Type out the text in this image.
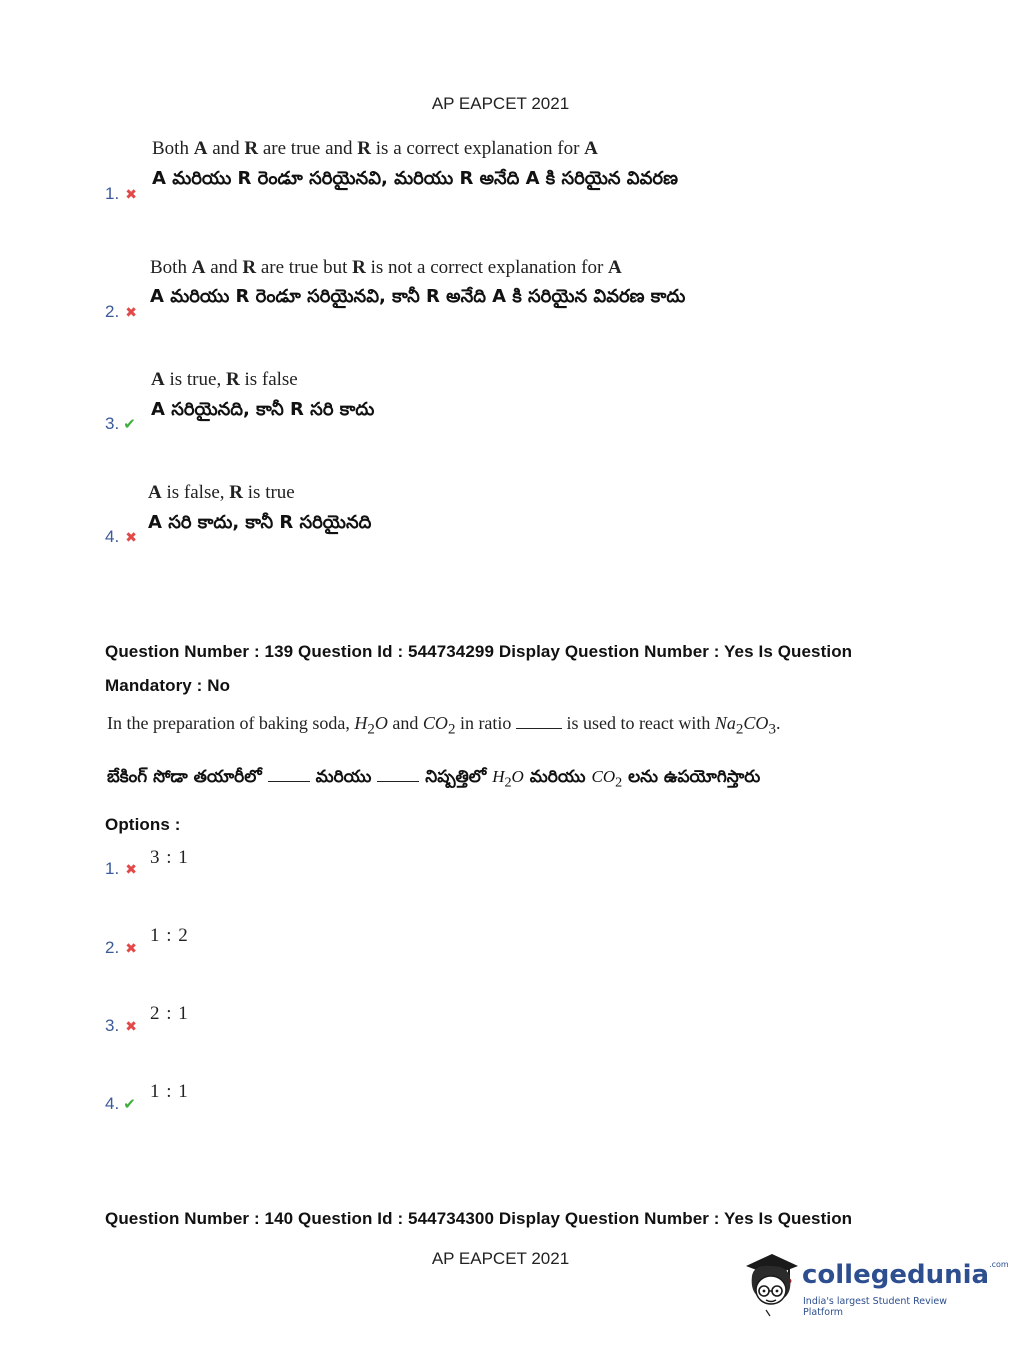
AP EAPCET 2021
1. ✖
Both A and R are true and R is a correct explanation for A
A మరియు R రెండూ సరియైనవి, మరియు R అనేది A కి సరియైన వివరణ
2. ✖
Both A and R are true but R is not a correct explanation for A
A మరియు R రెండూ సరియైనవి, కానీ R అనేది A కి సరియైన వివరణ కాదు
3. ✔
A is true, R is false
A సరియైనది, కానీ R సరి కాదు
4. ✖
A is false, R is true
A సరి కాదు, కానీ R సరియైనది
Question Number : 139 Question Id : 544734299 Display Question Number : Yes Is Question
Mandatory : No
In the preparation of baking soda, $H_2O$ and $CO_2$ in ratio	is used to react with $Na_2CO_3$.
బేకింగ్ సోడా తయారీలో	మరియు	నిష్పత్తిలో $H_2O$ మరియు $CO_2$ లను ఉపయోగిస్తారు
Options :
1. ✖
3 : 1
2. ✖
1 : 2
3. ✖
2 : 1
4. ✔
1 : 1
Question Number : 140 Question Id : 544734300 Display Question Number : Yes Is Question
AP EAPCET 2021
collegedunia$^{.com}$
India's largest Student Review Platform
